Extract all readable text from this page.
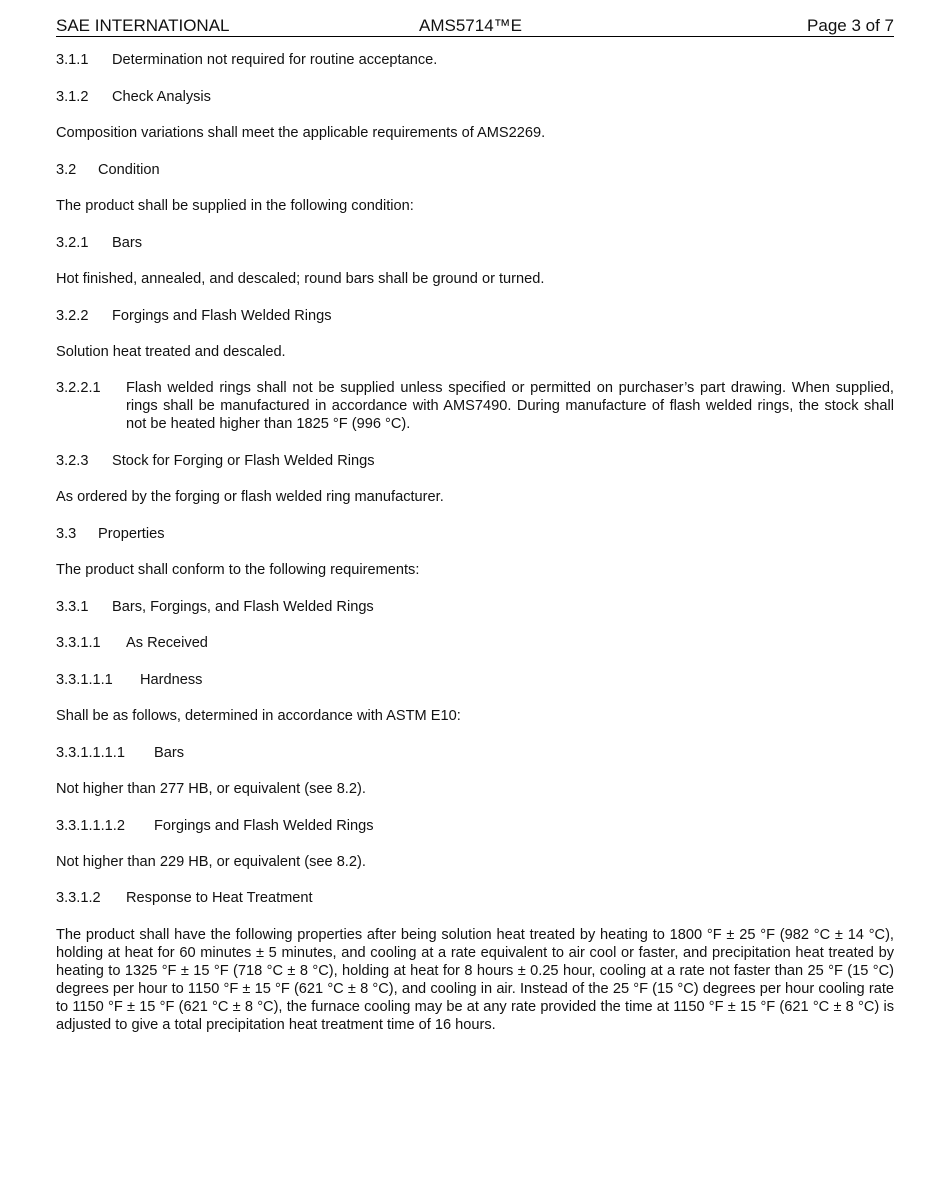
SAE INTERNATIONAL	AMS5714™E	Page 3 of 7
3.1.1 Determination not required for routine acceptance.
3.1.2 Check Analysis
Composition variations shall meet the applicable requirements of AMS2269.
3.2 Condition
The product shall be supplied in the following condition:
3.2.1 Bars
Hot finished, annealed, and descaled; round bars shall be ground or turned.
3.2.2 Forgings and Flash Welded Rings
Solution heat treated and descaled.
3.2.2.1 Flash welded rings shall not be supplied unless specified or permitted on purchaser’s part drawing. When supplied, rings shall be manufactured in accordance with AMS7490. During manufacture of flash welded rings, the stock shall not be heated higher than 1825 °F (996 °C).
3.2.3 Stock for Forging or Flash Welded Rings
As ordered by the forging or flash welded ring manufacturer.
3.3 Properties
The product shall conform to the following requirements:
3.3.1 Bars, Forgings, and Flash Welded Rings
3.3.1.1 As Received
3.3.1.1.1 Hardness
Shall be as follows, determined in accordance with ASTM E10:
3.3.1.1.1.1 Bars
Not higher than 277 HB, or equivalent (see 8.2).
3.3.1.1.1.2 Forgings and Flash Welded Rings
Not higher than 229 HB, or equivalent (see 8.2).
3.3.1.2 Response to Heat Treatment
The product shall have the following properties after being solution heat treated by heating to 1800 °F ± 25 °F (982 °C ± 14 °C), holding at heat for 60 minutes ± 5 minutes, and cooling at a rate equivalent to air cool or faster, and precipitation heat treated by heating to 1325 °F ± 15 °F (718 °C ± 8 °C), holding at heat for 8 hours ± 0.25 hour, cooling at a rate not faster than 25 °F (15 °C) degrees per hour to 1150 °F ± 15 °F (621 °C ± 8 °C), and cooling in air. Instead of the 25 °F (15 °C) degrees per hour cooling rate to 1150 °F ± 15 °F (621 °C ± 8 °C), the furnace cooling may be at any rate provided the time at 1150 °F ± 15 °F (621 °C ± 8 °C) is adjusted to give a total precipitation heat treatment time of 16 hours.
